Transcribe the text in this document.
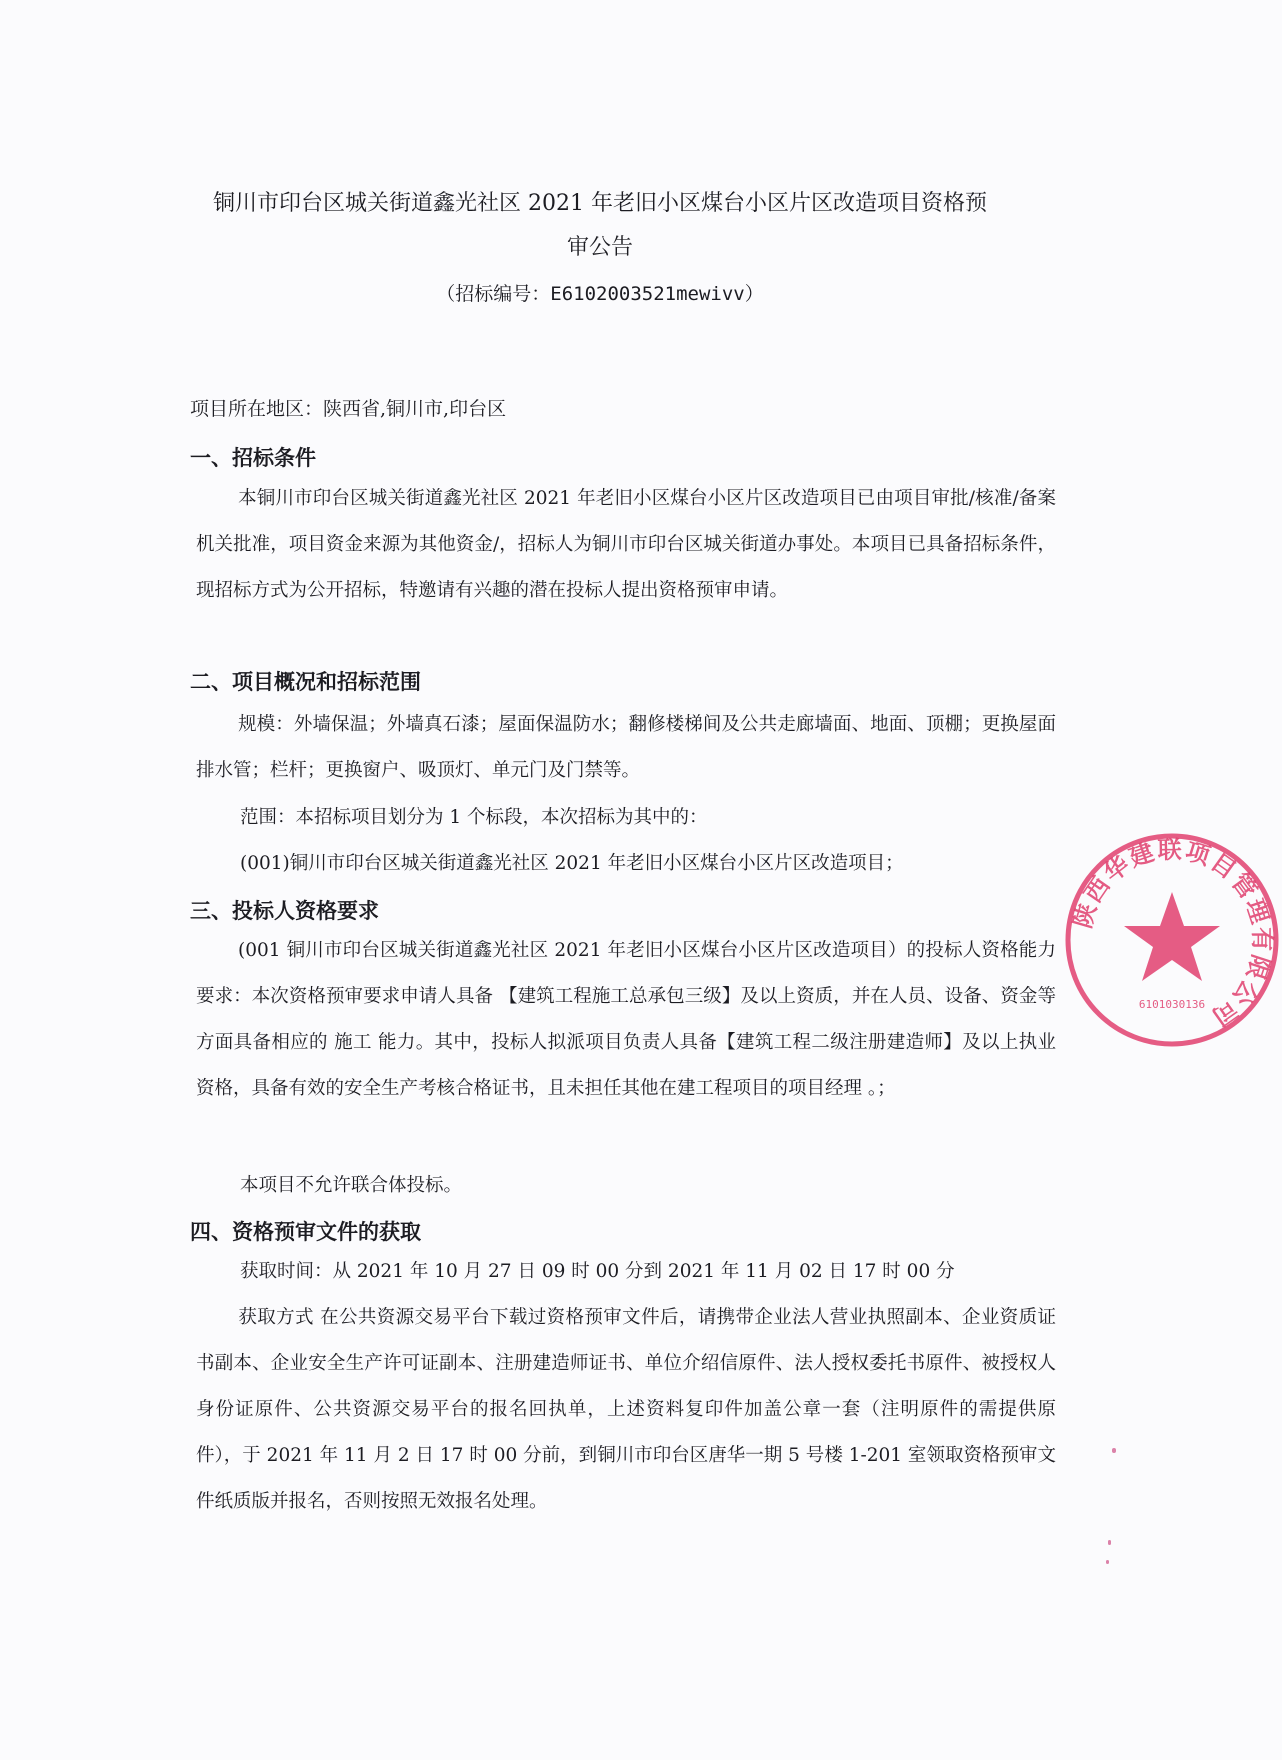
铜川市印台区城关街道鑫光社区 2021 年老旧小区煤台小区片区改造项目资格预
审公告
（招标编号：E6102003521mewivv）
项目所在地区：陕西省,铜川市,印台区
一、招标条件
本铜川市印台区城关街道鑫光社区 2021 年老旧小区煤台小区片区改造项目已由项目审批/核准/备案机关批准，项目资金来源为其他资金/，招标人为铜川市印台区城关街道办事处。本项目已具备招标条件，现招标方式为公开招标，特邀请有兴趣的潜在投标人提出资格预审申请。
二、项目概况和招标范围
规模：外墙保温；外墙真石漆；屋面保温防水；翻修楼梯间及公共走廊墙面、地面、顶棚；更换屋面排水管；栏杆；更换窗户、吸顶灯、单元门及门禁等。
范围：本招标项目划分为 1 个标段，本次招标为其中的：
(001)铜川市印台区城关街道鑫光社区 2021 年老旧小区煤台小区片区改造项目；
三、投标人资格要求
(001 铜川市印台区城关街道鑫光社区 2021 年老旧小区煤台小区片区改造项目）的投标人资格能力要求：本次资格预审要求申请人具备 【建筑工程施工总承包三级】及以上资质，并在人员、设备、资金等方面具备相应的 施工 能力。其中，投标人拟派项目负责人具备【建筑工程二级注册建造师】及以上执业资格，具备有效的安全生产考核合格证书，且未担任其他在建工程项目的项目经理 。；
本项目不允许联合体投标。
四、资格预审文件的获取
获取时间：从 2021 年 10 月 27 日 09 时 00 分到 2021 年 11 月 02 日 17 时 00 分
获取方式 在公共资源交易平台下载过资格预审文件后，请携带企业法人营业执照副本、企业资质证书副本、企业安全生产许可证副本、注册建造师证书、单位介绍信原件、法人授权委托书原件、被授权人身份证原件、公共资源交易平台的报名回执单，上述资料复印件加盖公章一套（注明原件的需提供原件），于 2021 年 11 月 2 日 17 时 00 分前，到铜川市印台区唐华一期 5 号楼 1-201 室领取资格预审文件纸质版并报名，否则按照无效报名处理。
陕西华建联项目管理有限公司
6101030136
